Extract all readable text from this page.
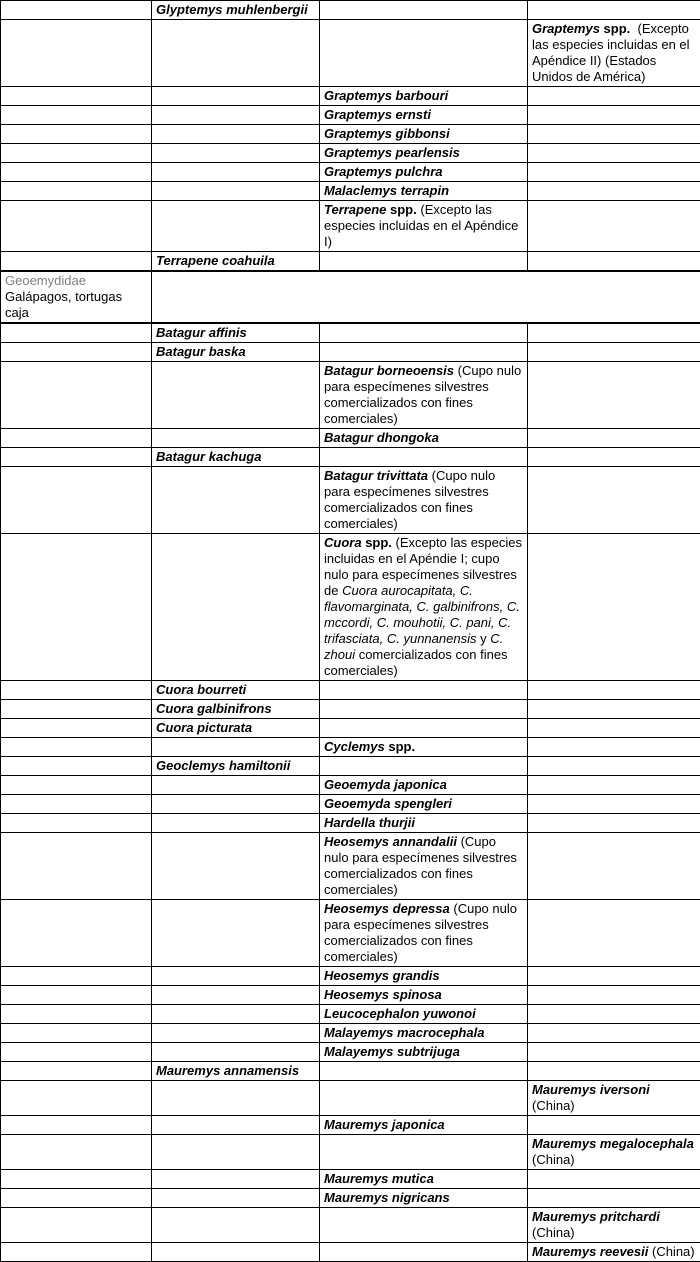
	Glyptemys muhlenbergii		
			Graptemys spp. (Excepto las especies incluidas en el Apéndice II) (Estados Unidos de América)
		Graptemys barbouri	
		Graptemys ernsti	
		Graptemys gibbonsi	
		Graptemys pearlensis	
		Graptemys pulchra	
		Malaclemys terrapin	
		Terrapene spp. (Excepto las especies incluidas en el Apéndice I)	
	Terrapene coahuila		
Geoemydidae Galápagos, tortugas caja			
	Batagur affinis		
	Batagur baska		
		Batagur borneoensis (Cupo nulo para especímenes silvestres comercializados con fines comerciales)	
		Batagur dhongoka	
	Batagur kachuga		
		Batagur trivittata (Cupo nulo para especímenes silvestres comercializados con fines comerciales)	
		Cuora spp. (Excepto las especies incluidas en el Apéndie I; cupo nulo para especímenes silvestres de Cuora aurocapitata, C. flavomarginata, C. galbinifrons, C. mccordi, C. mouhotii, C. pani, C. trifasciata, C. yunnanensis y C. zhoui comercializados con fines comerciales)	
	Cuora bourreti		
	Cuora galbinifrons		
	Cuora picturata		
		Cyclemys spp.	
	Geoclemys hamiltonii		
		Geoemyda japonica	
		Geoemyda spengleri	
		Hardella thurjii	
		Heosemys annandalii (Cupo nulo para especímenes silvestres comercializados con fines comerciales)	
		Heosemys depressa (Cupo nulo para especímenes silvestres comercializados con fines comerciales)	
		Heosemys grandis	
		Heosemys spinosa	
		Leucocephalon yuwonoi	
		Malayemys macrocephala	
		Malayemys subtrijuga	
	Mauremys annamensis		
			Mauremys iversoni (China)
		Mauremys japonica	
			Mauremys megalocephala (China)
		Mauremys mutica	
		Mauremys nigricans	
			Mauremys pritchardi (China)
			Mauremys reevesii (China)
